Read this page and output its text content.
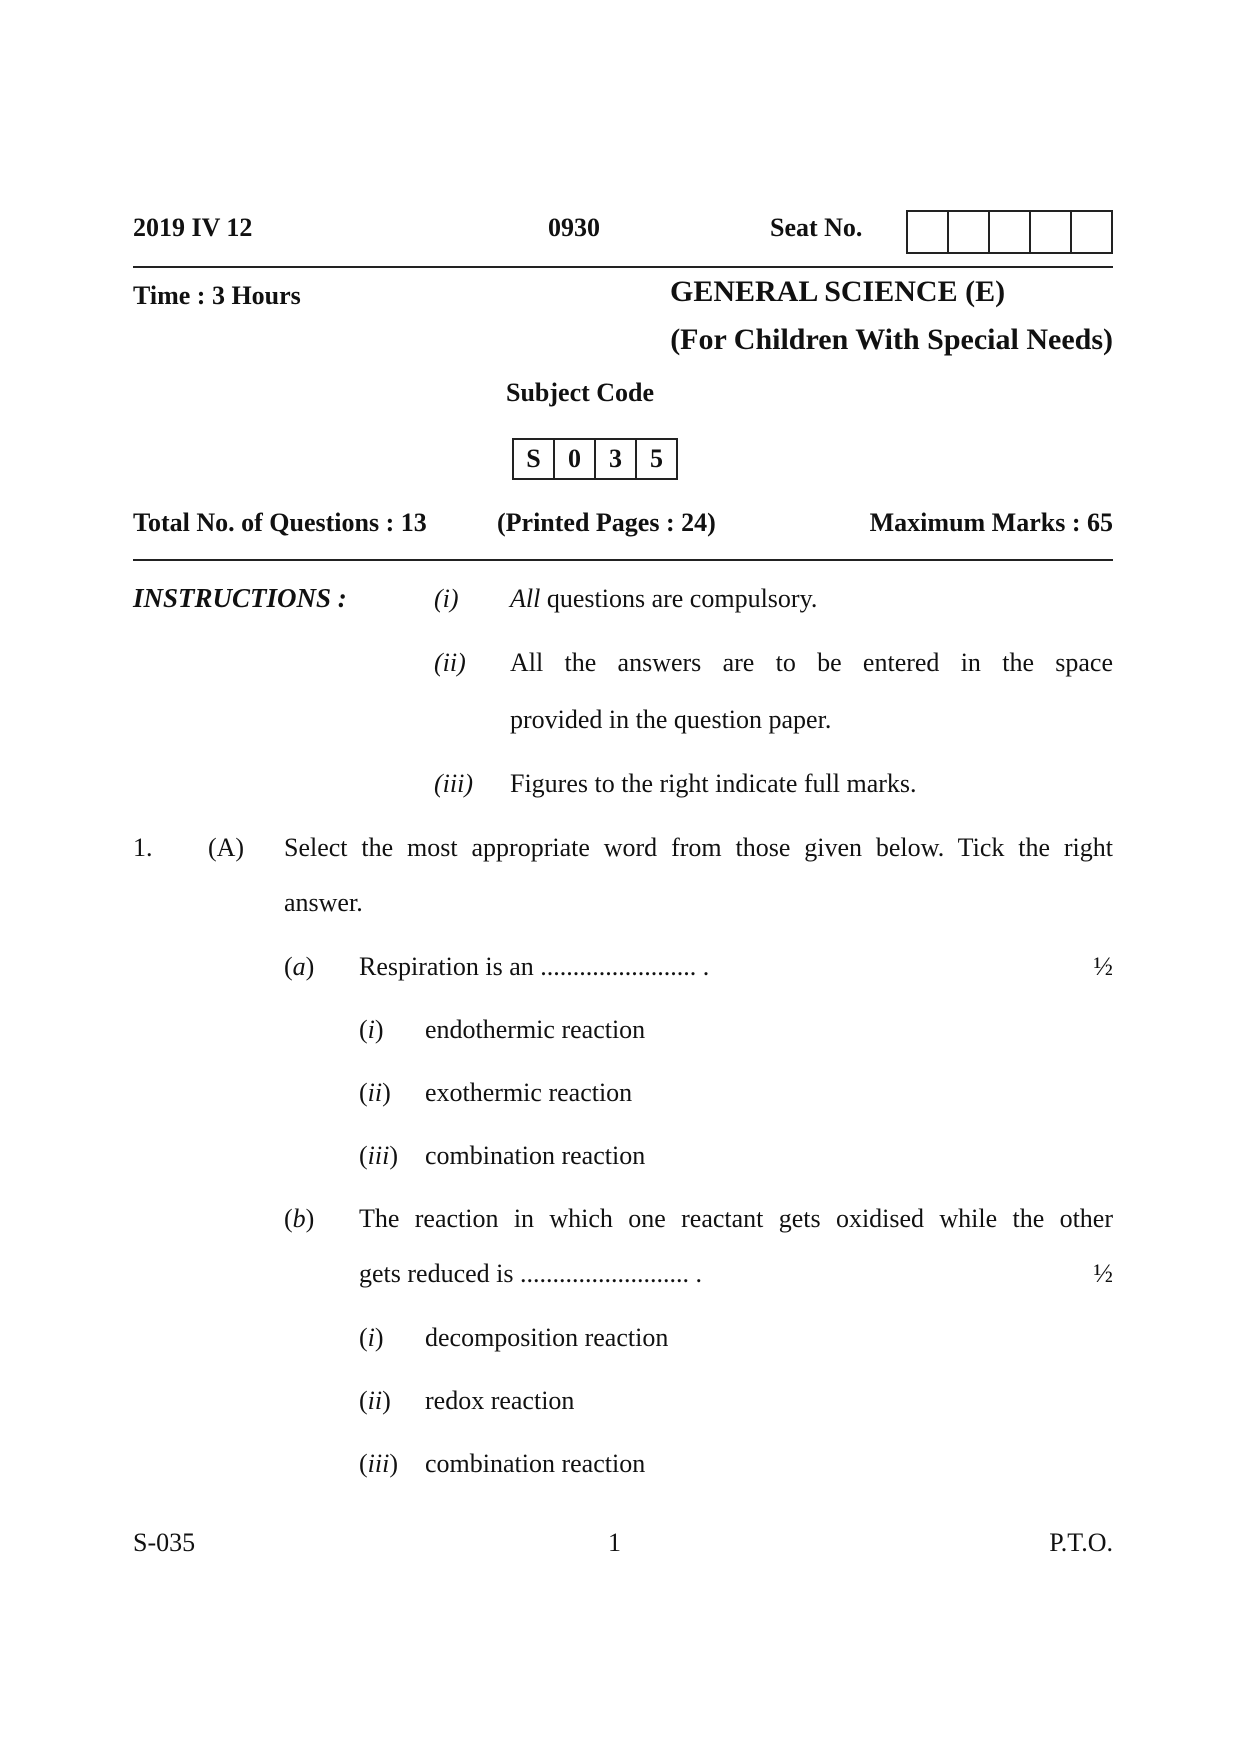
2019 IV 12	0930	Seat No.
Time : 3 Hours	GENERAL SCIENCE (E)
(For Children With Special Needs)
Subject Code
S	0	3	5
Total No. of Questions : 13	(Printed Pages : 24)	Maximum Marks : 65
INSTRUCTIONS :	(i) All questions are compulsory.
(ii) All the answers are to be entered in the space
provided in the question paper.
(iii) Figures to the right indicate full marks.
1. (A) Select the most appropriate word from those given below. Tick the right
answer.
(a) Respiration is an ........................ .	½
(i) endothermic reaction
(ii) exothermic reaction
(iii) combination reaction
(b) The reaction in which one reactant gets oxidised while the other
gets reduced is .......................... .	½
(i) decomposition reaction
(ii) redox reaction
(iii) combination reaction
S-035	1	P.T.O.
